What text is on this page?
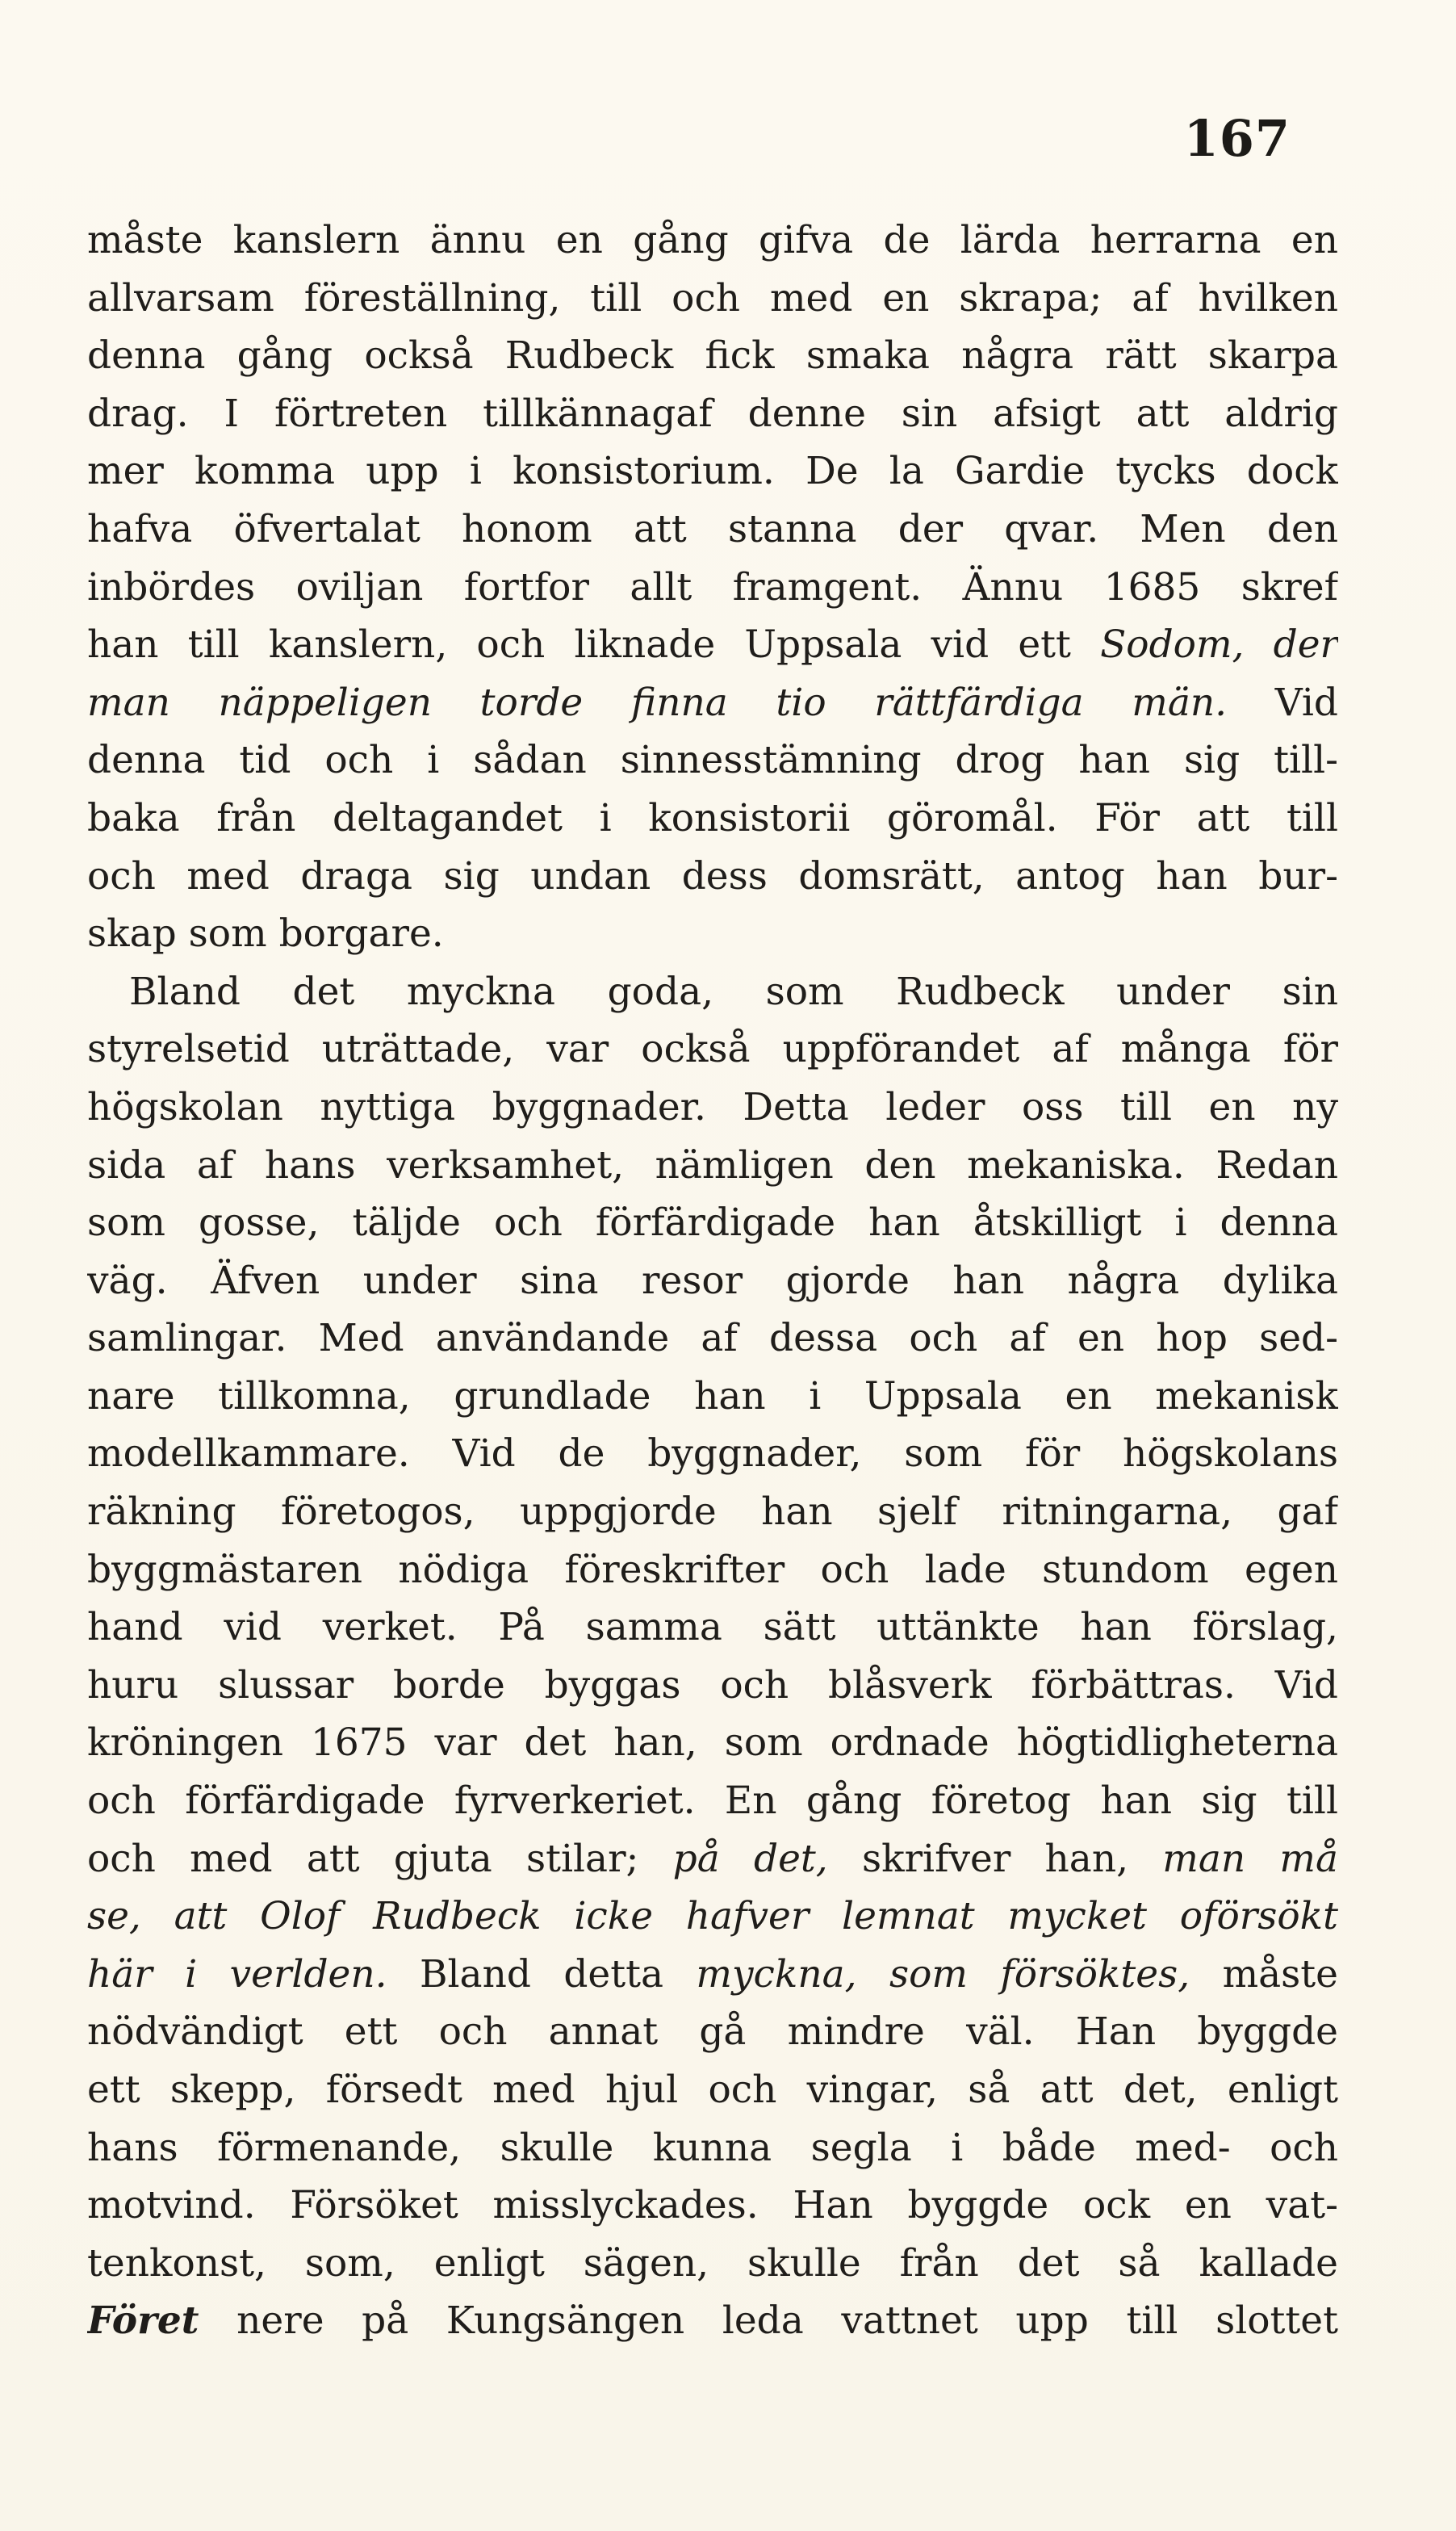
167
måste kanslern ännu en gång gifva de lärda herrarna en
allvarsam föreställning, till och med en skrapa; af hvilken
denna gång också Rudbeck fick smaka några rätt skarpa
drag. I förtreten tillkännagaf denne sin afsigt att aldrig
mer komma upp i konsistorium. De la Gardie tycks dock
hafva öfvertalat honom att stanna der qvar. Men den
inbördes oviljan fortfor allt framgent. Ännu 1685 skref
han till kanslern, och liknade Uppsala vid ett Sodom, der
man näppeligen torde finna tio rättfärdiga män. Vid
denna tid och i sådan sinnesstämning drog han sig till-
baka från deltagandet i konsistorii göromål. För att till
och med draga sig undan dess domsrätt, antog han bur-
skap som borgare.
Bland det myckna goda, som Rudbeck under sin
styrelsetid uträttade, var också uppförandet af många för
högskolan nyttiga byggnader. Detta leder oss till en ny
sida af hans verksamhet, nämligen den mekaniska. Redan
som gosse, täljde och förfärdigade han åtskilligt i denna
väg. Äfven under sina resor gjorde han några dylika
samlingar. Med användande af dessa och af en hop sed-
nare tillkomna, grundlade han i Uppsala en mekanisk
modellkammare. Vid de byggnader, som för högskolans
räkning företogos, uppgjorde han sjelf ritningarna, gaf
byggmästaren nödiga föreskrifter och lade stundom egen
hand vid verket. På samma sätt uttänkte han förslag,
huru slussar borde byggas och blåsverk förbättras. Vid
kröningen 1675 var det han, som ordnade högtidligheterna
och förfärdigade fyrverkeriet. En gång företog han sig till
och med att gjuta stilar; på det, skrifver han, man må
se, att Olof Rudbeck icke hafver lemnat mycket oförsökt
här i verlden. Bland detta myckna, som försöktes, måste
nödvändigt ett och annat gå mindre väl. Han byggde
ett skepp, försedt med hjul och vingar, så att det, enligt
hans förmenande, skulle kunna segla i både med- och
motvind. Försöket misslyckades. Han byggde ock en vat-
tenkonst, som, enligt sägen, skulle från det så kallade
Föret nere på Kungsängen leda vattnet upp till slottet
